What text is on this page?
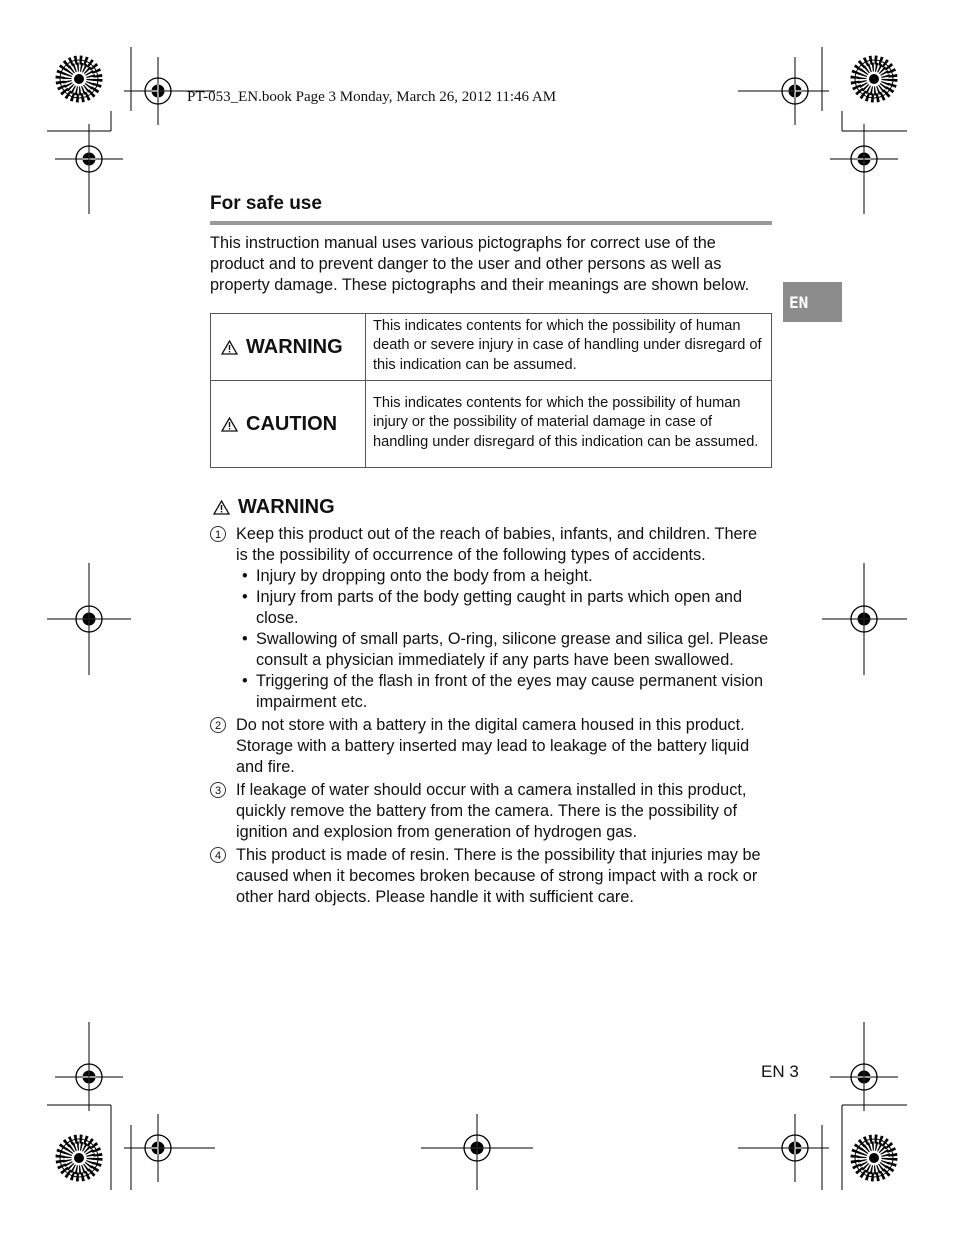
PT-053_EN.book Page 3 Monday, March 26, 2012 11:46 AM
EN
For safe use

This instruction manual uses various pictographs for correct use of the product and to prevent danger to the user and other persons as well as property damage. These pictographs and their meanings are shown below.

WARNING	This indicates contents for which the possibility of human death or severe injury in case of handling under disregard of this indication can be assumed.
CAUTION	This indicates contents for which the possibility of human injury or the possibility of material damage in case of handling under disregard of this indication can be assumed.
WARNING
1 Keep this product out of the reach of babies, infants, and children. There is the possibility of occurrence of the following types of accidents.
• Injury by dropping onto the body from a height.
• Injury from parts of the body getting caught in parts which open and close.
• Swallowing of small parts, O-ring, silicone grease and silica gel. Please consult a physician immediately if any parts have been swallowed.
• Triggering of the flash in front of the eyes may cause permanent vision impairment etc.
2 Do not store with a battery in the digital camera housed in this product. Storage with a battery inserted may lead to leakage of the battery liquid and fire.
3 If leakage of water should occur with a camera installed in this product, quickly remove the battery from the camera. There is the possibility of ignition and explosion from generation of hydrogen gas.
4 This product is made of resin. There is the possibility that injuries may be caused when it becomes broken because of strong impact with a rock or other hard objects. Please handle it with sufficient care.
EN 3
